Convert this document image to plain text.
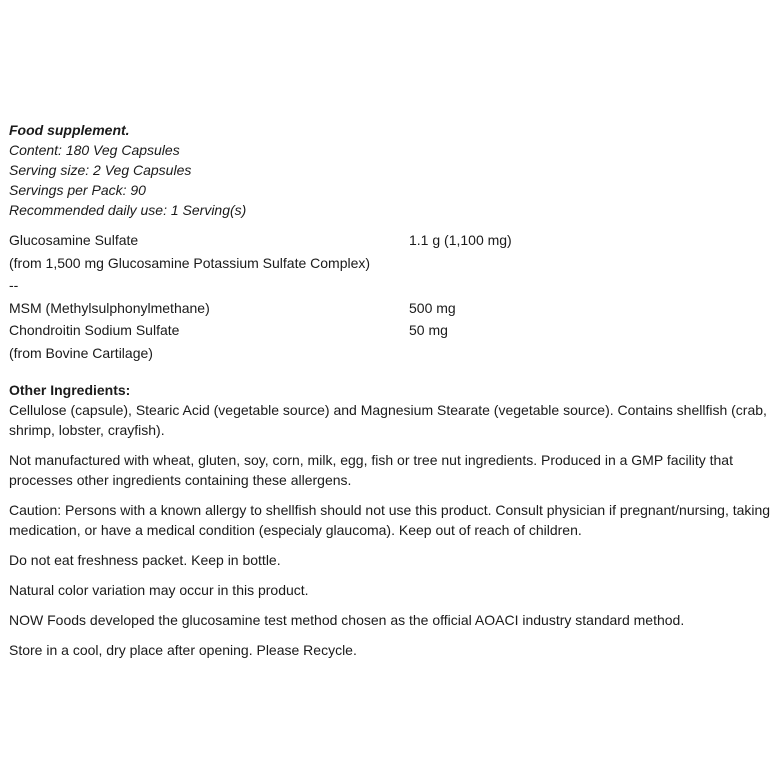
Food supplement.
Content: 180 Veg Capsules
Serving size: 2 Veg Capsules
Servings per Pack: 90
Recommended daily use: 1 Serving(s)
Glucosamine Sulfate	1.1 g (1,100 mg)
(from 1,500 mg Glucosamine Potassium Sulfate Complex)
--
MSM (Methylsulphonylmethane)	500 mg
Chondroitin Sodium Sulfate	50 mg
(from Bovine Cartilage)
Other Ingredients:

Cellulose (capsule), Stearic Acid (vegetable source) and Magnesium Stearate (vegetable source). Contains shellfish (crab, shrimp, lobster, crayfish).

Not manufactured with wheat, gluten, soy, corn, milk, egg, fish or tree nut ingredients. Produced in a GMP facility that processes other ingredients containing these allergens.

Caution: Persons with a known allergy to shellfish should not use this product. Consult physician if pregnant/nursing, taking medication, or have a medical condition (especialy glaucoma). Keep out of reach of children.

Do not eat freshness packet. Keep in bottle.

Natural color variation may occur in this product.

NOW Foods developed the glucosamine test method chosen as the official AOACI industry standard method.

Store in a cool, dry place after opening. Please Recycle.
